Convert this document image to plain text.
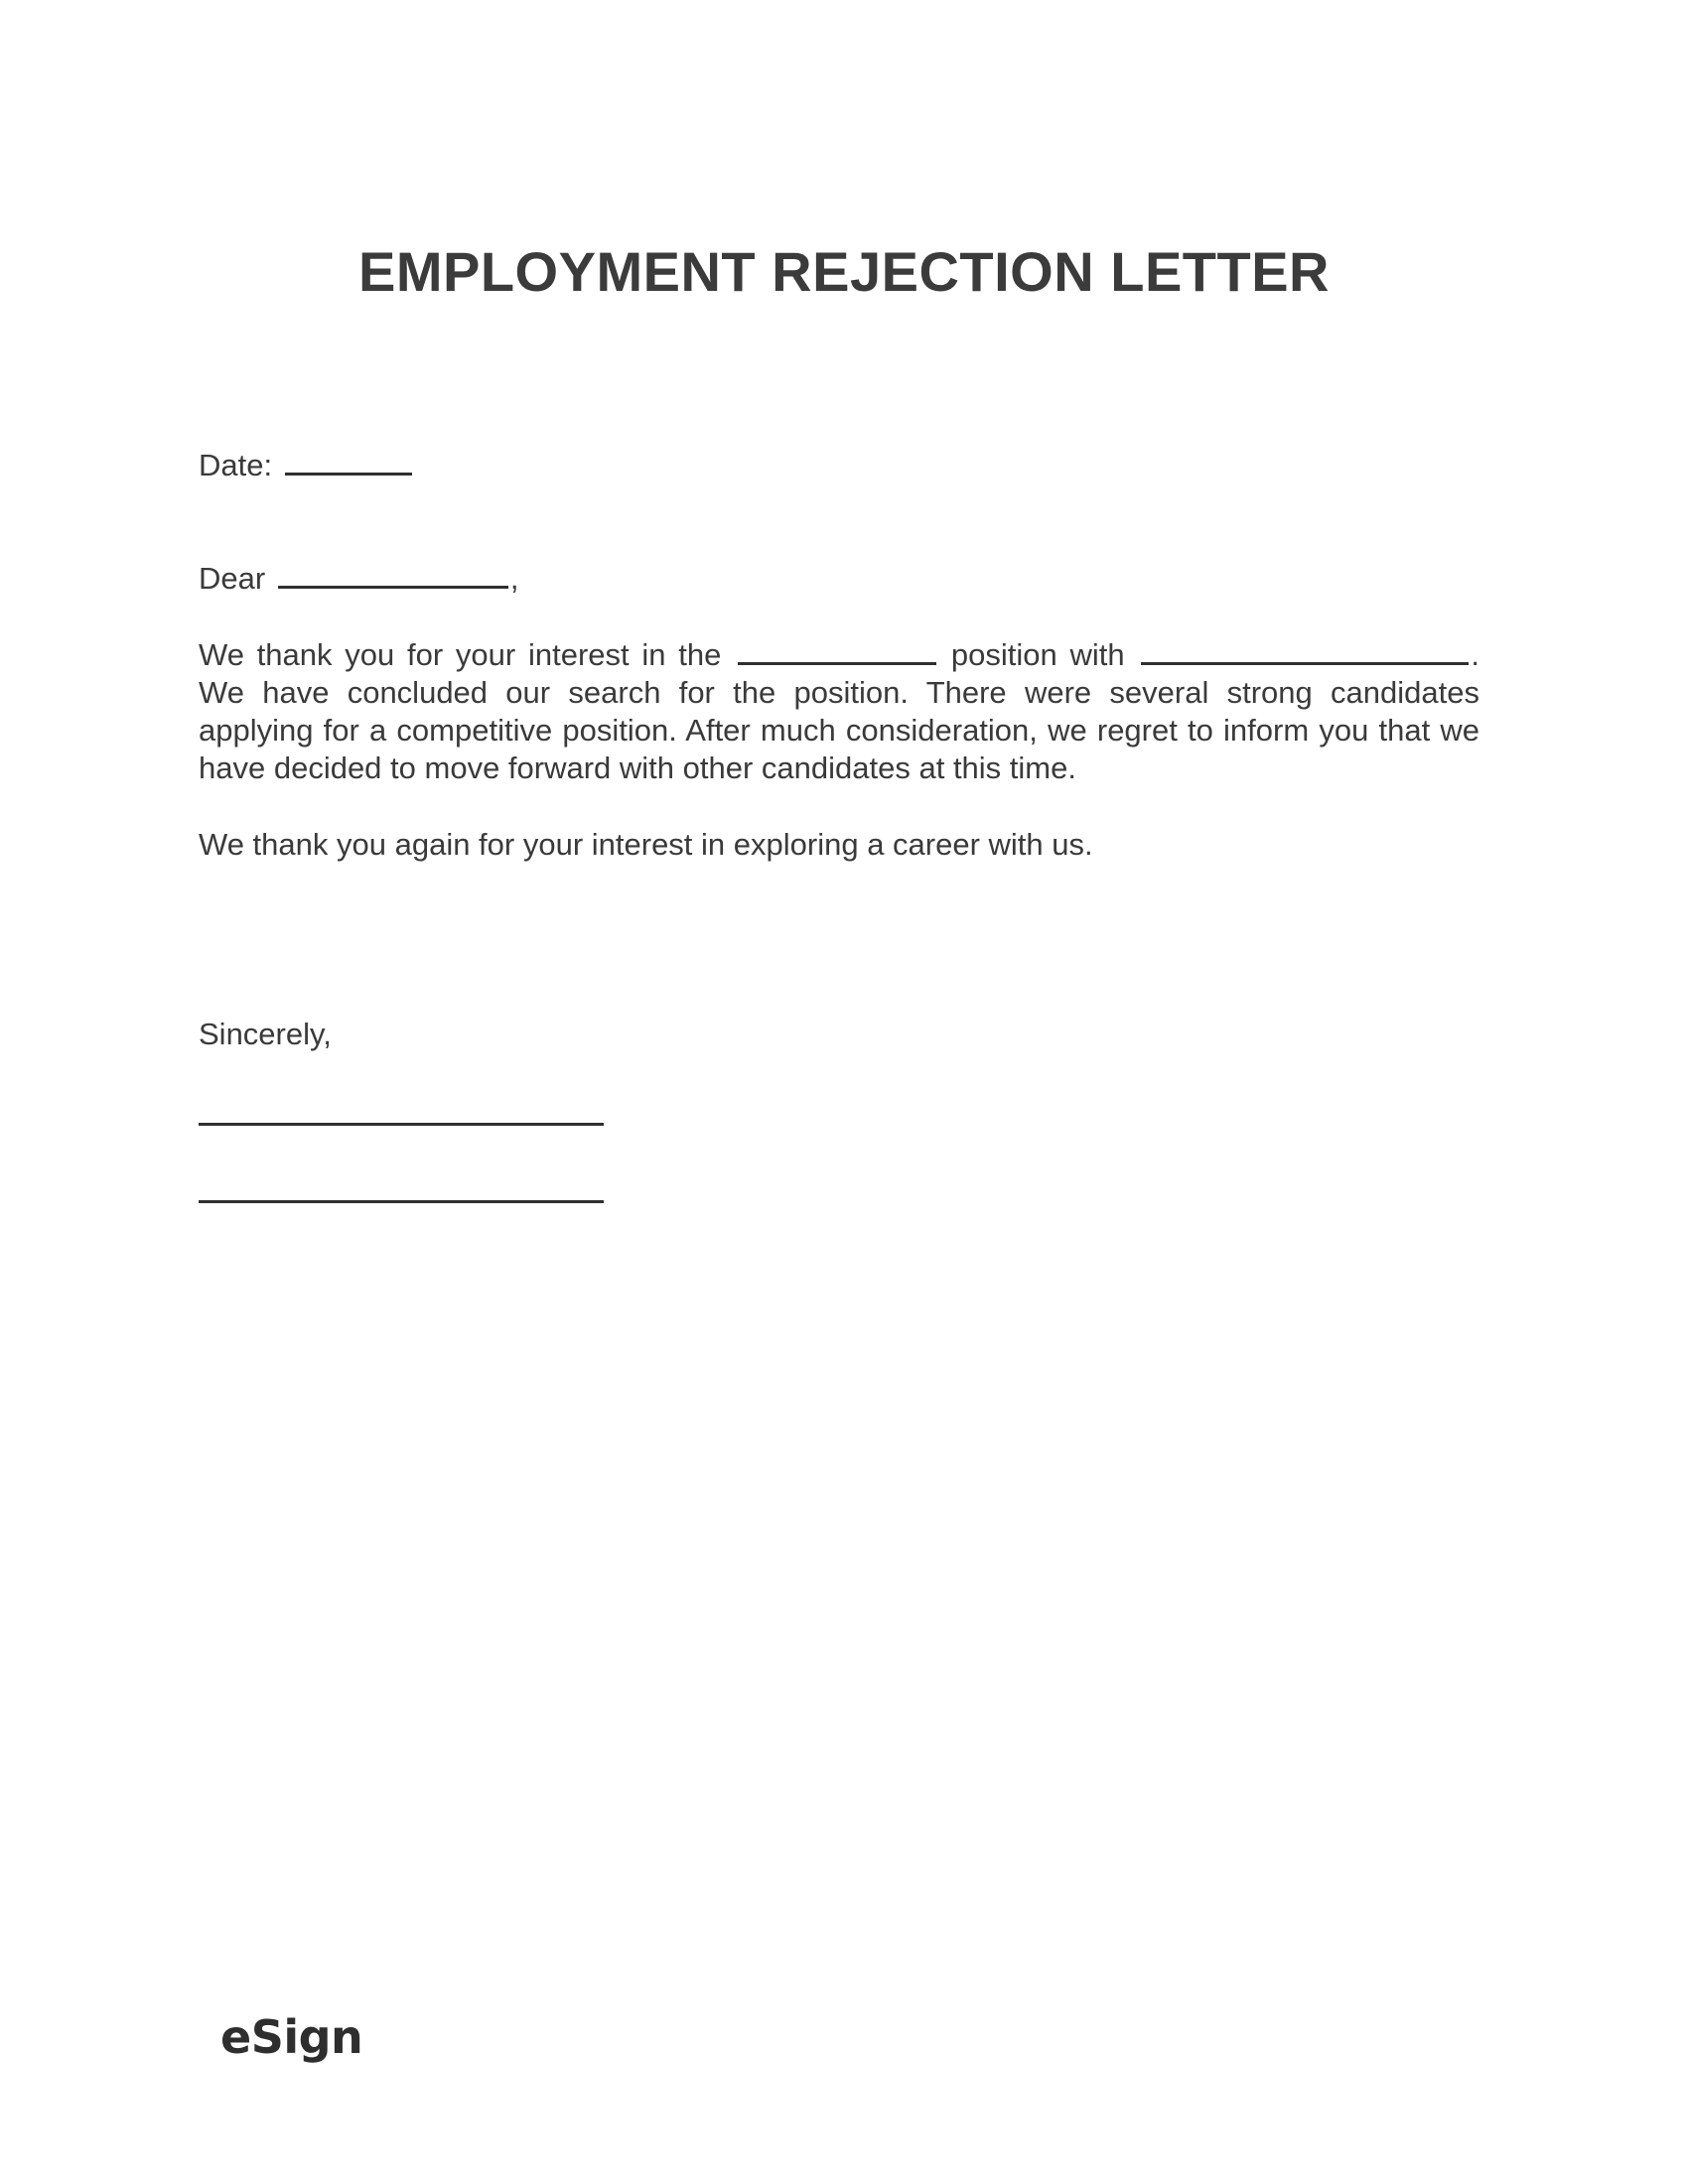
EMPLOYMENT REJECTION LETTER
Date:
Dear	,
We thank you for your interest in the	position with	. We have concluded our search for the position. There were several strong candidates applying for a competitive position. After much consideration, we regret to inform you that we have decided to move forward with other candidates at this time.
We thank you again for your interest in exploring a career with us.
Sincerely,
eSign
